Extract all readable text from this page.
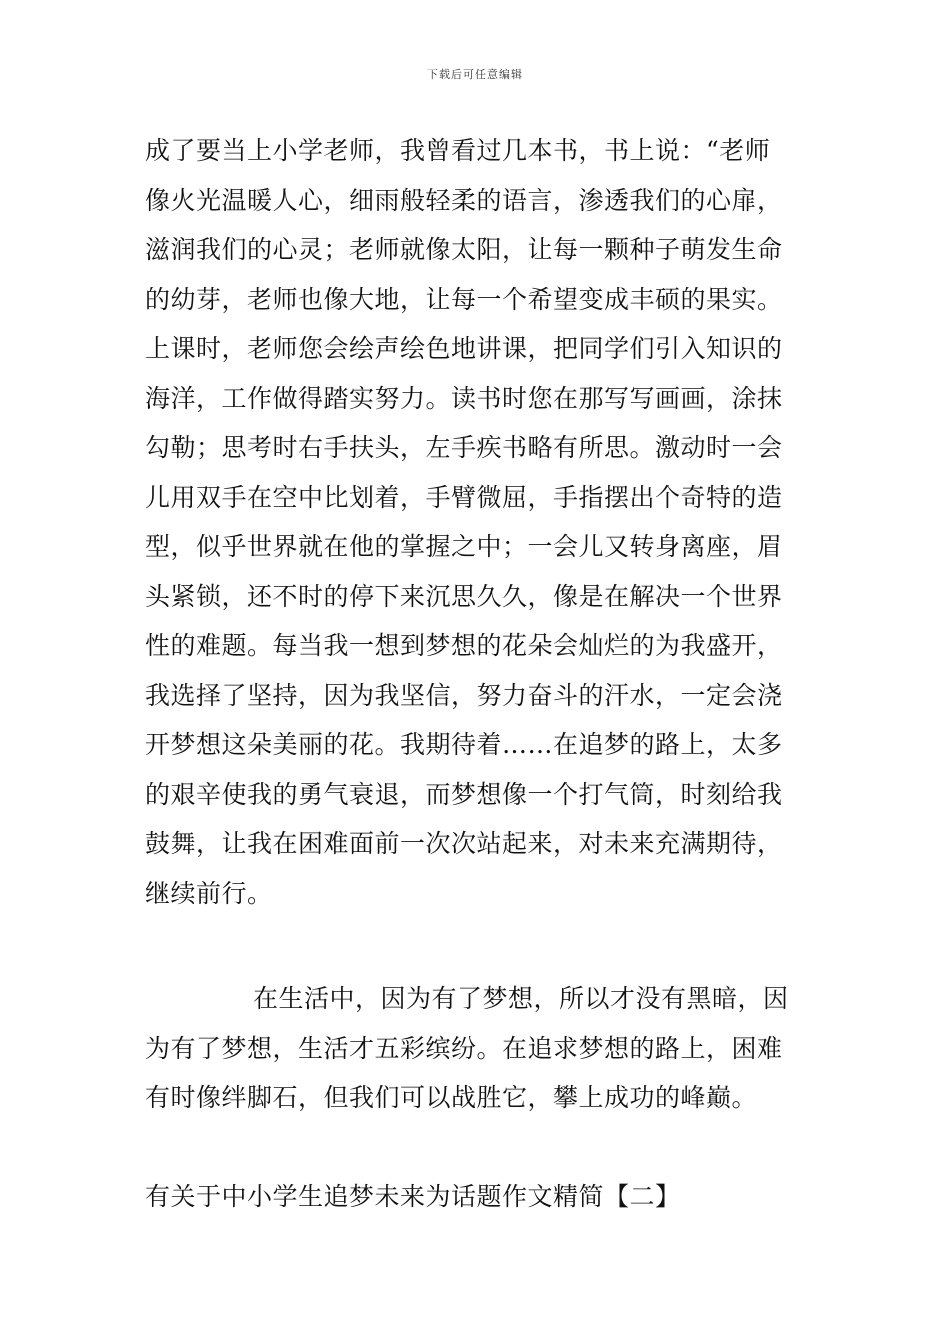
下载后可任意编辑

成了要当上小学老师，我曾看过几本书，书上说：“老师
像火光温暖人心，细雨般轻柔的语言，渗透我们的心扉，
滋润我们的心灵；老师就像太阳，让每一颗种子萌发生命
的幼芽，老师也像大地，让每一个希望变成丰硕的果实。
上课时，老师您会绘声绘色地讲课，把同学们引入知识的
海洋，工作做得踏实努力。读书时您在那写写画画，涂抹
勾勒；思考时右手扶头，左手疾书略有所思。激动时一会
儿用双手在空中比划着，手臂微屈，手指摆出个奇特的造
型，似乎世界就在他的掌握之中；一会儿又转身离座，眉
头紧锁，还不时的停下来沉思久久，像是在解决一个世界
性的难题。每当我一想到梦想的花朵会灿烂的为我盛开，
我选择了坚持，因为我坚信，努力奋斗的汗水，一定会浇
开梦想这朵美丽的花。我期待着……在追梦的路上，太多
的艰辛使我的勇气衰退，而梦想像一个打气筒，时刻给我
鼓舞，让我在困难面前一次次站起来，对未来充满期待，
继续前行。

在生活中，因为有了梦想，所以才没有黑暗，因
为有了梦想，生活才五彩缤纷。在追求梦想的路上，困难
有时像绊脚石，但我们可以战胜它，攀上成功的峰巅。

有关于中小学生追梦未来为话题作文精简【二】
